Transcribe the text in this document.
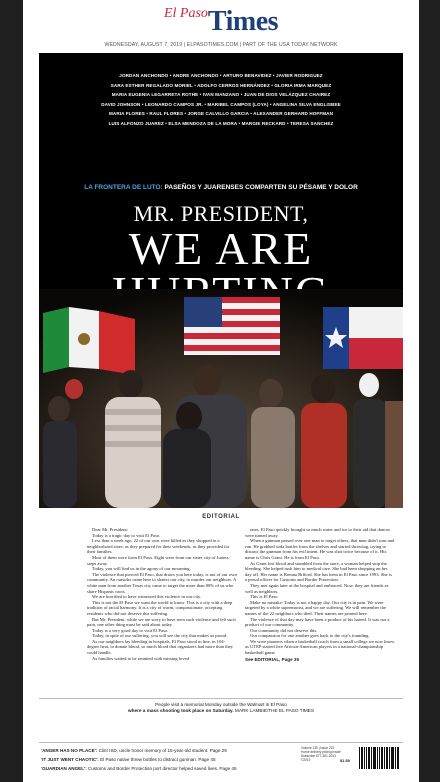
El PasoTimes
WEDNESDAY, AUGUST 7, 2019 | ELPASOTIMES.COM | PART OF THE USA TODAY NETWORK
JORDAN ANCHONDO • ANDRE ANCHONDO • ARTURO BENAVIDEZ • JAVIER RODRIGUEZ
SARA ESTHER REGALADO MORIEL • ADOLFO CERROS HERNÁNDEZ • GLORIA IRMA MARQUEZ
MARIA EUGENIA LEGARRETA ROTHE • IVAN MANZANO • JUAN DE DIOS VELÁZQUEZ CHAIREZ
DAVID JOHNSON • LEONARDO CAMPOS JR. • MARIBEL CAMPOS (LOYA) • ANGELINA SILVA ENGLISBEE
MARIA FLORES • RAUL FLORES • JORGE CALVILLO GARCIA • ALEXANDER GERHARD HOFFMAN
LUIS ALFONZO JUAREZ • ELSA MENDOZA DE LA MORA • MARGIE RECKARD • TERESA SANCHEZ
LA FRONTERA DE LUTO: PASEÑOS Y JUARENSES COMPARTEN SU PÉSAME Y DOLOR
MR. PRESIDENT,
WE ARE
EDITORIAL

Dear Mr. President:

Today is a tragic day to visit El Paso.

Less than a week ago, 22 of our own were killed as they shopped in a neighborhood store, as they prepared for their weekends, as they provided for their families.

Most of them were from El Paso. Eight were from our sister city of Juárez, steps away.

Today, you will find us in the agony of our mourning.

The violence that pierced El Paso, that draws you here today, is not of our own community. An outsider came here to shatter our city, to murder our neighbors. A white man from another Texas city came to target the more than 80% of us who share Hispanic roots.

We are horrified to have witnessed this violence in our city.

This is not the El Paso we want the world to know. This is a city with a deep tradition of racial harmony. It is a city of warm, compassionate, accepting residents who did not deserve this suffering.

But Mr. President, while we are sorry to have seen such violence and felt such pain, one other thing must be said about today.

Today is a very good day to visit El Paso.

Today, in spite of our suffering, you will see the city that makes us proud.

As our neighbors lay bleeding in hospitals, El Paso stood in line, in 104-degree heat, to donate blood, so much blood that organizers had more than they could handle.

As families waited to be reunited with missing loved

ones, El Paso quickly brought so much water and ice to their aid that donors were turned away.

When a gunman passed over one man to target others, that man didn't turn and run. He grabbed soda bottles from the shelves and started throwing, trying to distract the gunman from his evil intent. He was shot twice because of it. His name is Chris Grant. He is from El Paso.

As Grant lost blood and stumbled from the store, a woman helped stop the bleeding. She helped rush him to medical care. She had been shopping on her day off. Her name is Brenna Bifford. She has been in El Paso since 1993. She is a proud officer for Customs and Border Protection.

They met again later at the hospital and embraced. Now, they are friends as well as neighbors.

This is El Paso.

Make no mistake: Today is not a happy day. Our city is in pain. We were targeted by a white supremacist, and we are suffering. We will remember the names of the 22 neighbors who died. Their names are printed here.

The violence of that day may have been a product of his hatred. It was not a product of our community.

Our community did not deserve this.

Our compassion for one another goes back to the city's founding.

We were pioneers when a basketball coach from a small college we now know as UTEP started five African-American players in a national-championship basketball game

See EDITORIAL, Page 35

People visit a memorial Monday outside the Walmart in El Paso
where a mass shooting took place on Saturday. MARK LAMBIE/THE EL PASO TIMES
'ANGER HAS NO PLACE': Clint ISD, uncle honor memory of 15-year-old student. Page 29
'IT JUST WENT CHAOTIC': El Paso native threw bottles to distract gunman. Page 45
'GUARDIAN ANGEL': Customs and Border Protection port director helped saved lives. Page 45
Volume 139 | Issue 219
Home delivery pricing inside
Subscribe 877-301-0013
©2019	$1.50
